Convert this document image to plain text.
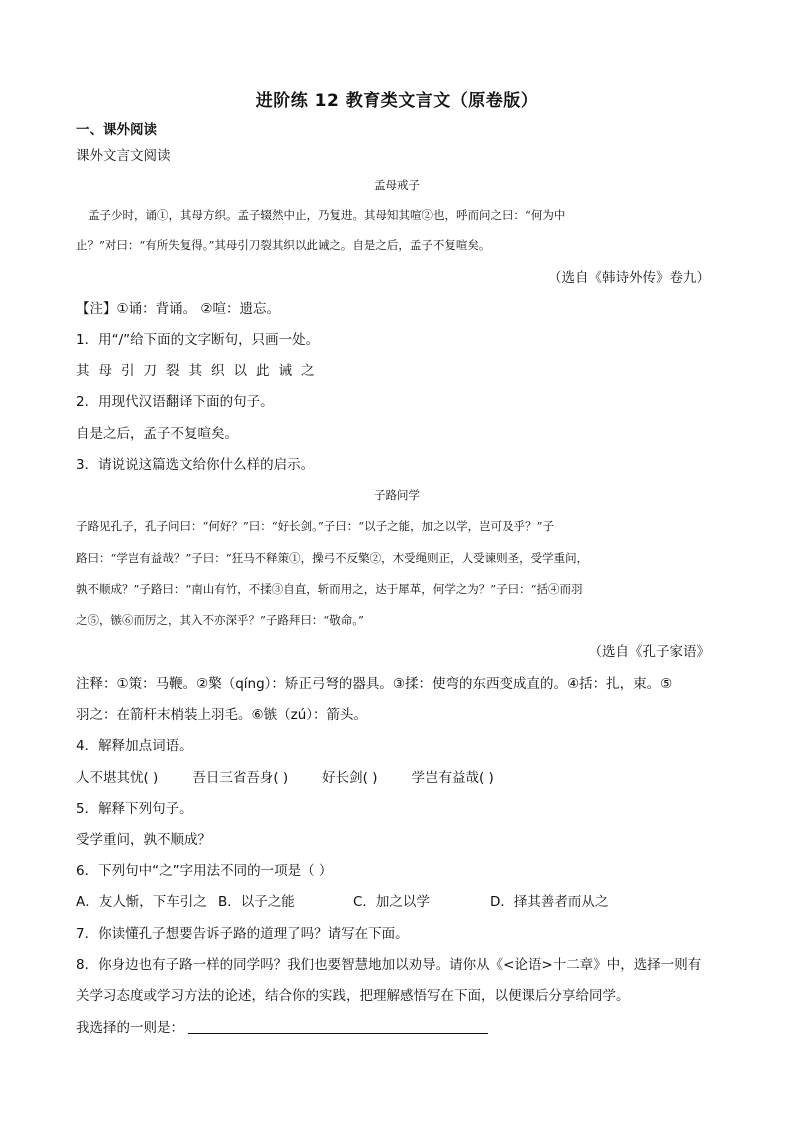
进阶练 12 教育类文言文（原卷版）
一、课外阅读
课外文言文阅读
孟母戒子
孟子少时，诵①，其母方织。孟子辍然中止，乃复进。其母知其喧②也，呼而问之曰：“何为中
止？”对曰：“有所失复得。”其母引刀裂其织以此诫之。自是之后，孟子不复喧矣。
（选自《韩诗外传》卷九）
【注】①诵：背诵。 ②喧：遗忘。
1．用“/”给下面的文字断句，只画一处。
其母引刀裂其织以此诫之
2．用现代汉语翻译下面的句子。
自是之后，孟子不复喧矣。
3．请说说这篇选文给你什么样的启示。
子路问学
子路见孔子，孔子问曰：“何好？”曰：“好长剑。”子曰：“以子之能，加之以学，岂可及乎？”子
路曰：“学岂有益哉？”子曰：“狂马不释策①，操弓不反檠②，木受绳则正，人受谏则圣，受学重问，
孰不顺成？”子路曰：“南山有竹，不揉③自直，斩而用之，达于犀革，何学之为？”子曰：“括④而羽
之⑤，镞⑥而厉之，其入不亦深乎？”子路拜曰：“敬命。”
（选自《孔子家语》
注释：①策：马鞭。②檠（qíng）：矫正弓弩的器具。③揉：使弯的东西变成直的。④括：扎，束。⑤
羽之：在箭杆末梢装上羽毛。⑥镞（zú）：箭头。
4．解释加点词语。
人不堪其忧( )	吾日三省吾身( )	好长剑( )	学岂有益哉( )
5．解释下列句子。
受学重问，孰不顺成？
6．下列句中“之”字用法不同的一项是（ ）
A．友人惭，下车引之 B．以子之能	C．加之以学	D．择其善者而从之
7．你读懂孔子想要告诉子路的道理了吗？请写在下面。
8．你身边也有子路一样的同学吗？我们也要智慧地加以劝导。请你从《<论语>十二章》中，选择一则有
关学习态度或学习方法的论述，结合你的实践，把理解感悟写在下面，以便课后分享给同学。
我选择的一则是：
